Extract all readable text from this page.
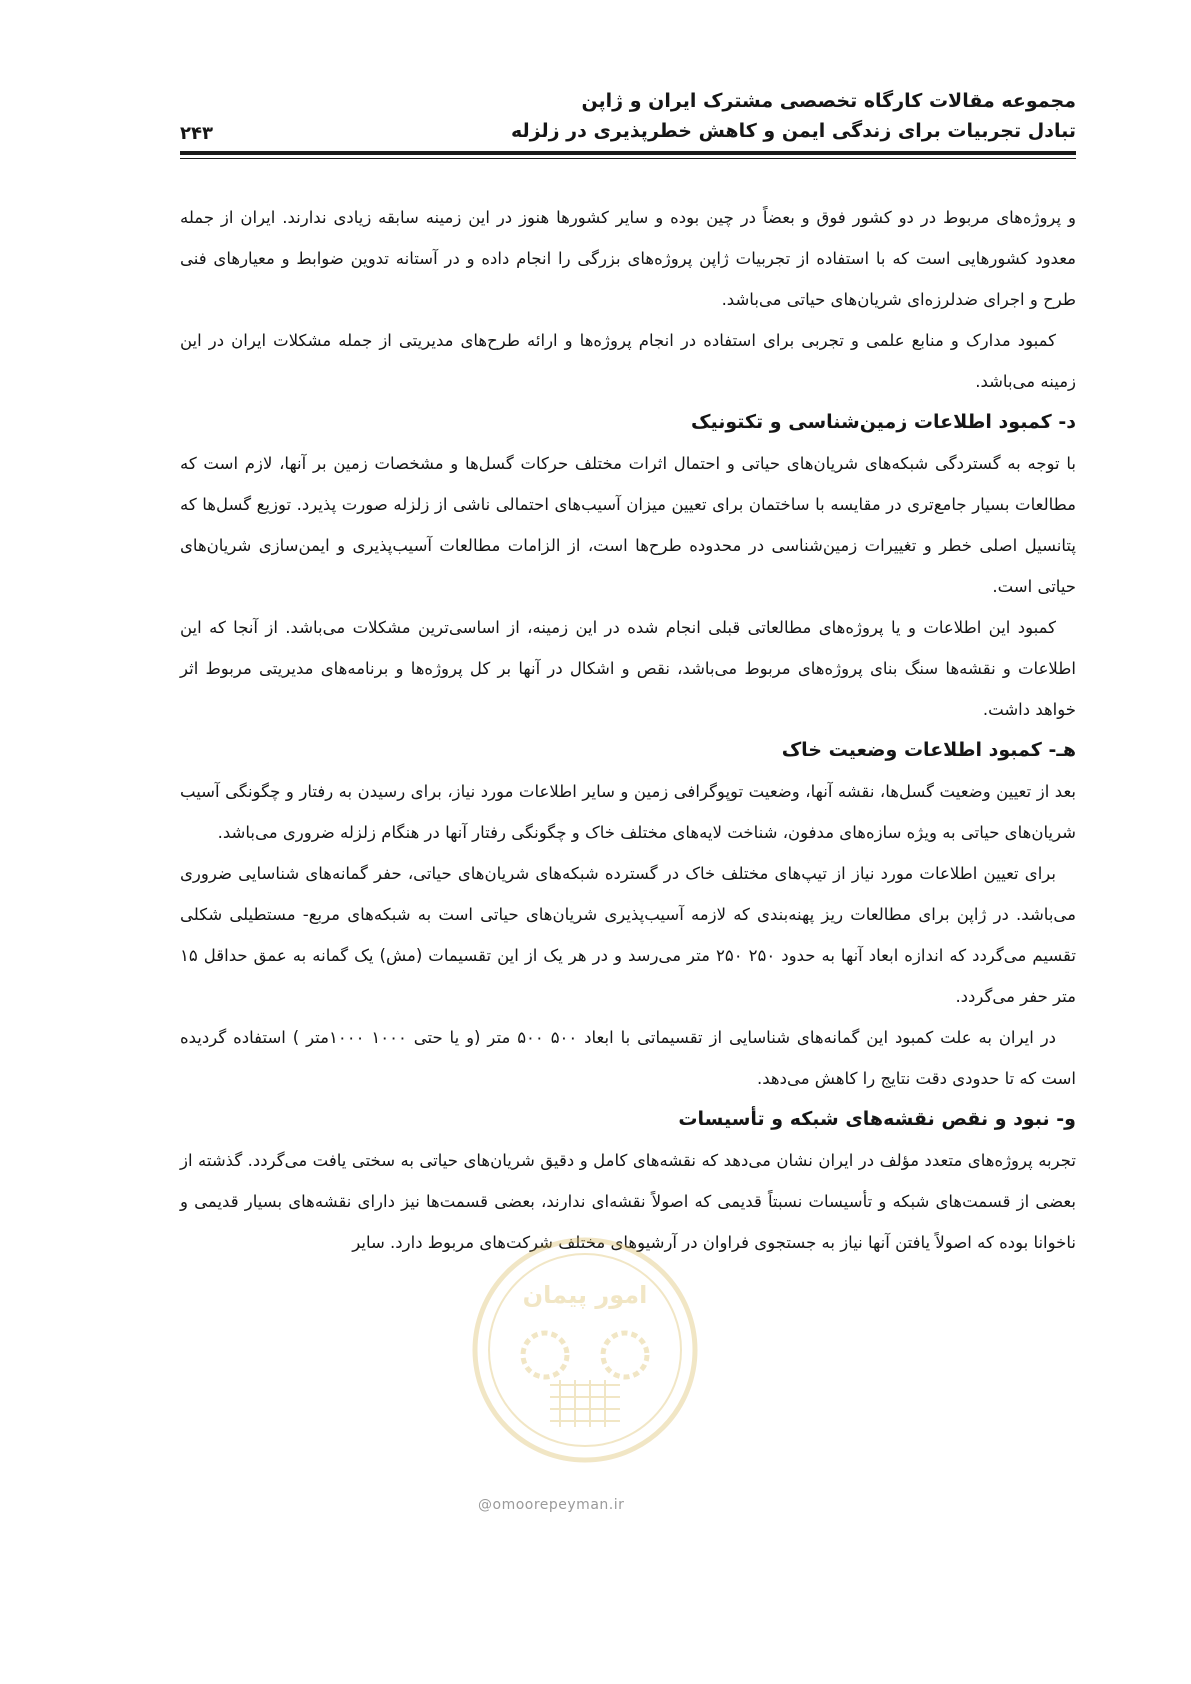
مجموعه مقالات کارگاه تخصصی مشترک ایران و ژاپن
تبادل تجربیات برای زندگی ایمن و کاهش خطرپذیری در زلزله
۲۴۳

و پروژه‌های مربوط در دو کشور فوق و بعضاً در چین بوده و سایر کشورها هنوز در این زمینه سابقه زیادی ندارند. ایران از جمله معدود کشورهایی است که با استفاده از تجربیات ژاپن پروژه‌های بزرگی را انجام داده و در آستانه تدوین ضوابط و معیارهای فنی طرح و اجرای ضدلرزه‌ای شریان‌های حیاتی می‌باشد.

کمبود مدارک و منابع علمی و تجربی برای استفاده در انجام پروژه‌ها و ارائه طرح‌های مدیریتی از جمله مشکلات ایران در این زمینه می‌باشد.

د- کمبود اطلاعات زمین‌شناسی و تکتونیک

با توجه به گستردگی شبکه‌های شریان‌های حیاتی و احتمال اثرات مختلف حرکات گسل‌ها و مشخصات زمین بر آنها، لازم است که مطالعات بسیار جامع‌تری در مقایسه با ساختمان برای تعیین میزان آسیب‌های احتمالی ناشی از زلزله صورت پذیرد. توزیع گسل‌ها که پتانسیل اصلی خطر و تغییرات زمین‌شناسی در محدوده طرح‌ها است، از الزامات مطالعات آسیب‌پذیری و ایمن‌سازی شریان‌های حیاتی است.

کمبود این اطلاعات و یا پروژه‌های مطالعاتی قبلی انجام شده در این زمینه، از اساسی‌ترین مشکلات می‌باشد. از آنجا که این اطلاعات و نقشه‌ها سنگ بنای پروژه‌های مربوط می‌باشد، نقص و اشکال در آنها بر کل پروژه‌ها و برنامه‌های مدیریتی مربوط اثر خواهد داشت.

هـ- کمبود اطلاعات وضعیت خاک

بعد از تعیین وضعیت گسل‌ها، نقشه آنها، وضعیت توپوگرافی زمین و سایر اطلاعات مورد نیاز، برای رسیدن به رفتار و چگونگی آسیب شریان‌های حیاتی به ویژه سازه‌های مدفون، شناخت لایه‌های مختلف خاک و چگونگی رفتار آنها در هنگام زلزله ضروری می‌باشد.

برای تعیین اطلاعات مورد نیاز از تیپ‌های مختلف خاک در گسترده شبکه‌های شریان‌های حیاتی، حفر گمانه‌های شناسایی ضروری می‌باشد. در ژاپن برای مطالعات ریز پهنه‌بندی که لازمه آسیب‌پذیری شریان‌های حیاتی است به شبکه‌های مربع- مستطیلی شکلی تقسیم می‌گردد که اندازه ابعاد آنها به حدود ۲۵۰ ۲۵۰ متر می‌رسد و در هر یک از این تقسیمات (مش) یک گمانه به عمق حداقل ۱۵ متر حفر می‌گردد.

در ایران به علت کمبود این گمانه‌های شناسایی از تقسیماتی با ابعاد ۵۰۰ ۵۰۰ متر (و یا حتی ۱۰۰۰ ۱۰۰۰متر ) استفاده گردیده است که تا حدودی دقت نتایج را کاهش می‌دهد.

و- نبود و نقص نقشه‌های شبکه و تأسیسات

تجربه پروژه‌های متعدد مؤلف در ایران نشان می‌دهد که نقشه‌های کامل و دقیق شریان‌های حیاتی به سختی یافت می‌گردد. گذشته از بعضی از قسمت‌های شبکه و تأسیسات نسبتاً قدیمی که اصولاً نقشه‌ای ندارند، بعضی قسمت‌ها نیز دارای نقشه‌های بسیار قدیمی و ناخوانا بوده که اصولاً یافتن آنها نیاز به جستجوی فراوان در آرشیوهای مختلف شرکت‌های مربوط دارد. سایر

امور پیمان
@omoorepeyman.ir
